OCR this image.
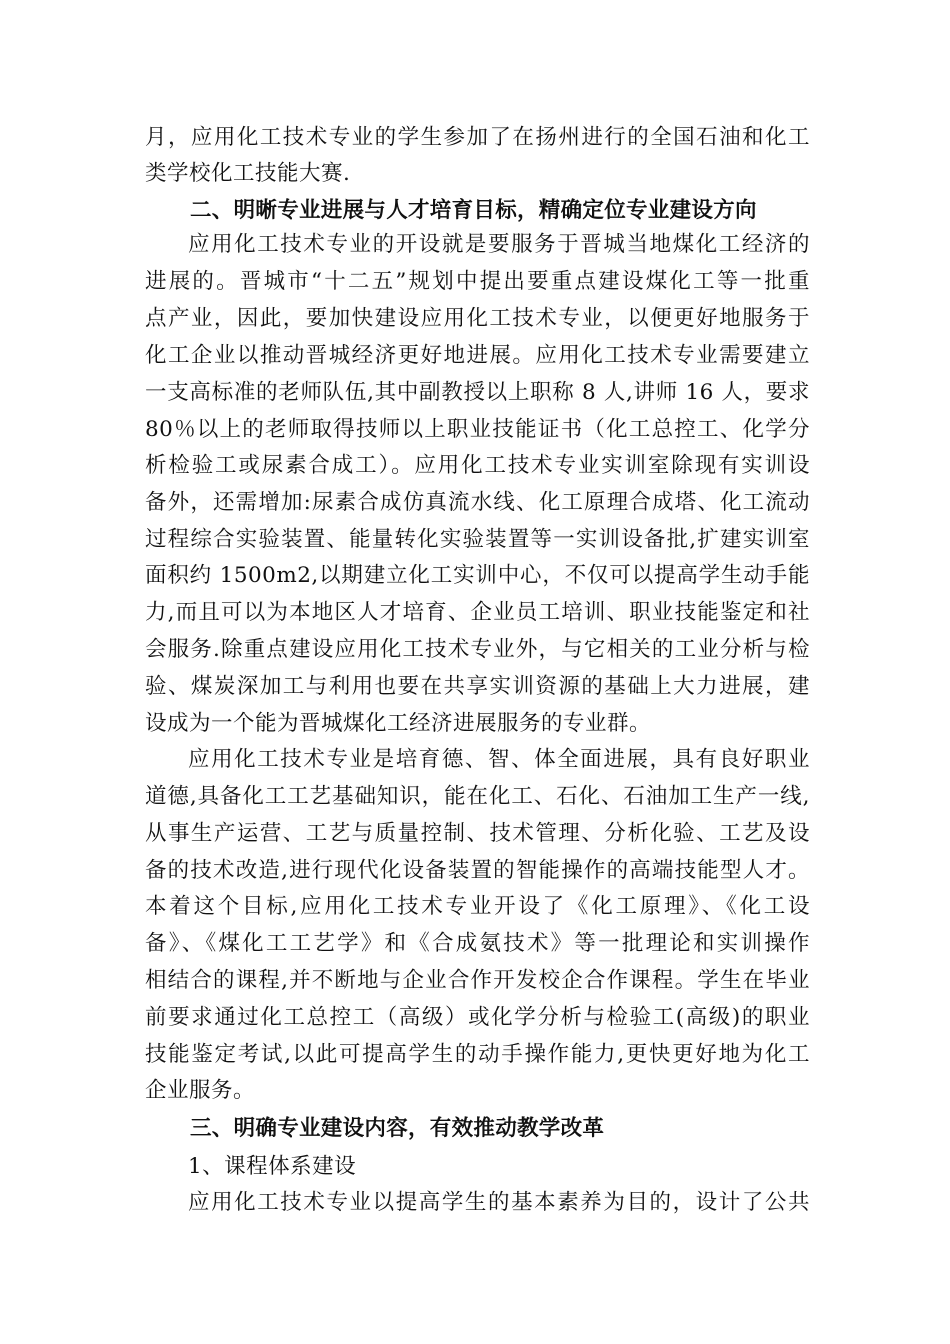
月，应用化工技术专业的学生参加了在扬州进行的全国石油和化工
类学校化工技能大赛.
二、明晰专业进展与人才培育目标，精确定位专业建设方向
应用化工技术专业的开设就是要服务于晋城当地煤化工经济的
进展的。晋城市“十二五”规划中提出要重点建设煤化工等一批重
点产业，因此，要加快建设应用化工技术专业，以便更好地服务于
化工企业以推动晋城经济更好地进展。应用化工技术专业需要建立
一支高标准的老师队伍,其中副教授以上职称 8 人,讲师 16 人，要求
80％以上的老师取得技师以上职业技能证书（化工总控工、化学分
析检验工或尿素合成工）。应用化工技术专业实训室除现有实训设
备外，还需增加:尿素合成仿真流水线、化工原理合成塔、化工流动
过程综合实验装置、能量转化实验装置等一实训设备批,扩建实训室
面积约 1500m2,以期建立化工实训中心，不仅可以提高学生动手能
力,而且可以为本地区人才培育、企业员工培训、职业技能鉴定和社
会服务.除重点建设应用化工技术专业外，与它相关的工业分析与检
验、煤炭深加工与利用也要在共享实训资源的基础上大力进展，建
设成为一个能为晋城煤化工经济进展服务的专业群。
应用化工技术专业是培育德、智、体全面进展，具有良好职业
道德,具备化工工艺基础知识，能在化工、石化、石油加工生产一线,
从事生产运营、工艺与质量控制、技术管理、分析化验、工艺及设
备的技术改造,进行现代化设备装置的智能操作的高端技能型人才。
本着这个目标,应用化工技术专业开设了《化工原理》、《化工设
备》、《煤化工工艺学》和《合成氨技术》等一批理论和实训操作
相结合的课程,并不断地与企业合作开发校企合作课程。学生在毕业
前要求通过化工总控工（高级）或化学分析与检验工(高级)的职业
技能鉴定考试,以此可提高学生的动手操作能力,更快更好地为化工
企业服务。
三、明确专业建设内容，有效推动教学改革
1、课程体系建设
应用化工技术专业以提高学生的基本素养为目的，设计了公共
